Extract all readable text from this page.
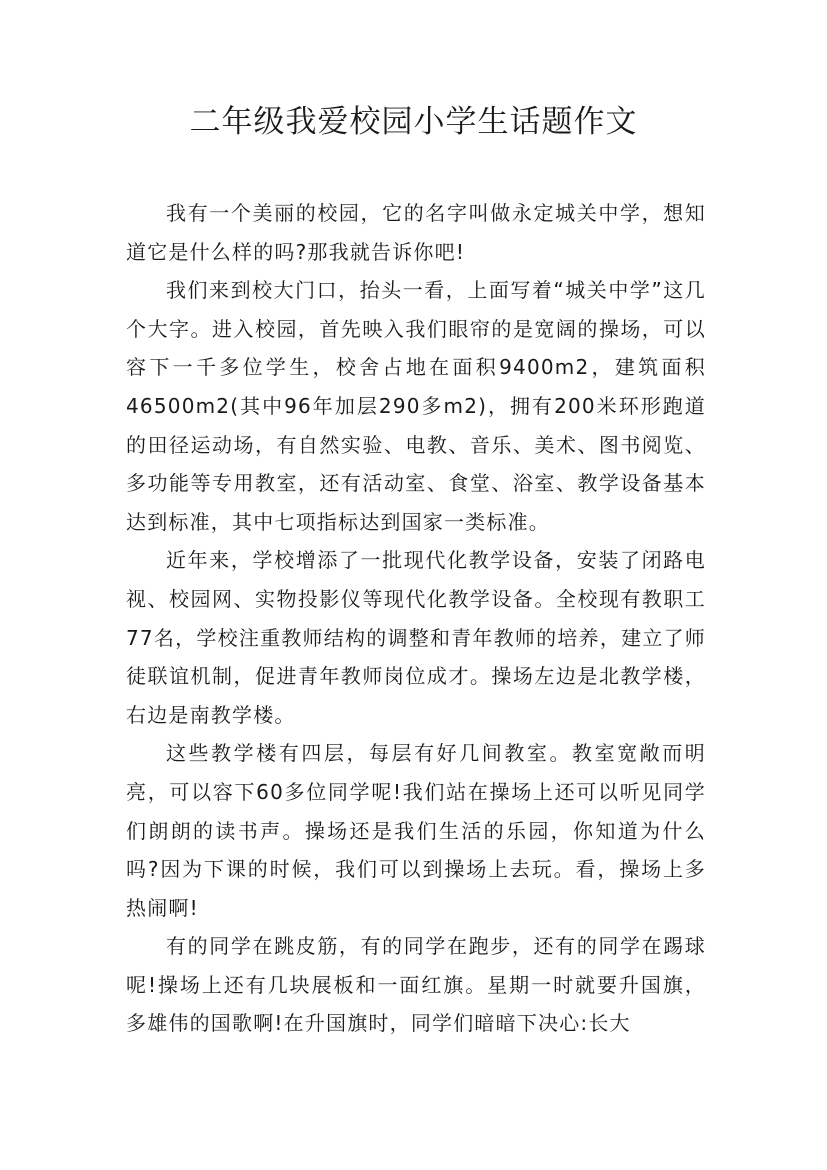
二年级我爱校园小学生话题作文

我有一个美丽的校园，它的名字叫做永定城关中学，想知道它是什么样的吗?那我就告诉你吧!

我们来到校大门口，抬头一看，上面写着“城关中学”这几个大字。进入校园，首先映入我们眼帘的是宽阔的操场，可以容下一千多位学生，校舍占地在面积9400m2，建筑面积46500m2(其中96年加层290多m2)，拥有200米环形跑道的田径运动场，有自然实验、电教、音乐、美术、图书阅览、多功能等专用教室，还有活动室、食堂、浴室、教学设备基本达到标准，其中七项指标达到国家一类标准。

近年来，学校增添了一批现代化教学设备，安装了闭路电视、校园网、实物投影仪等现代化教学设备。全校现有教职工77名，学校注重教师结构的调整和青年教师的培养，建立了师徒联谊机制，促进青年教师岗位成才。操场左边是北教学楼，右边是南教学楼。

这些教学楼有四层，每层有好几间教室。教室宽敞而明亮，可以容下60多位同学呢!我们站在操场上还可以听见同学们朗朗的读书声。操场还是我们生活的乐园，你知道为什么吗?因为下课的时候，我们可以到操场上去玩。看，操场上多热闹啊!

有的同学在跳皮筋，有的同学在跑步，还有的同学在踢球呢!操场上还有几块展板和一面红旗。星期一时就要升国旗，多雄伟的国歌啊!在升国旗时，同学们暗暗下决心:长大
